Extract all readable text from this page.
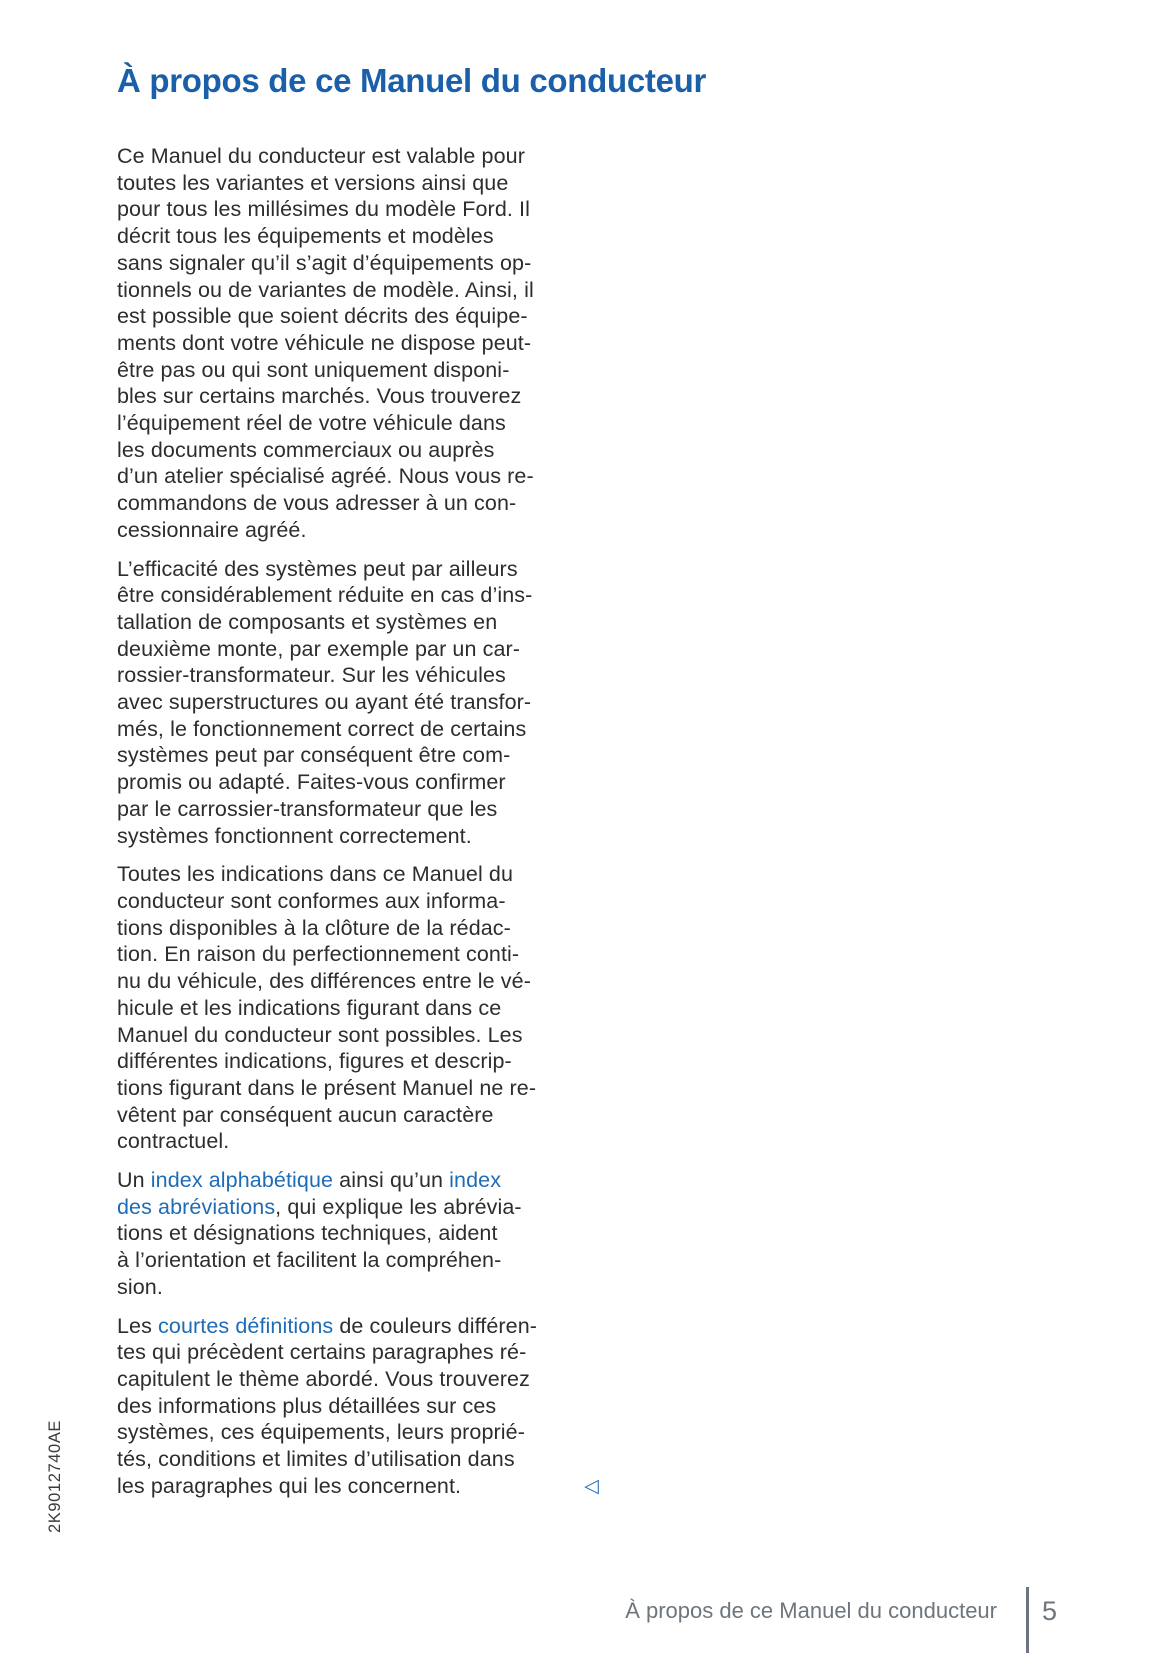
À propos de ce Manuel du conducteur
Ce Manuel du conducteur est valable pour
toutes les variantes et versions ainsi que
pour tous les millésimes du modèle Ford. Il
décrit tous les équipements et modèles
sans signaler qu’il s’agit d’équipements op-
tionnels ou de variantes de modèle. Ainsi, il
est possible que soient décrits des équipe-
ments dont votre véhicule ne dispose peut-
être pas ou qui sont uniquement disponi-
bles sur certains marchés. Vous trouverez
l’équipement réel de votre véhicule dans
les documents commerciaux ou auprès
d’un atelier spécialisé agréé. Nous vous re-
commandons de vous adresser à un con-
cessionnaire agréé.
L’efficacité des systèmes peut par ailleurs
être considérablement réduite en cas d’ins-
tallation de composants et systèmes en
deuxième monte, par exemple par un car-
rossier-transformateur. Sur les véhicules
avec superstructures ou ayant été transfor-
més, le fonctionnement correct de certains
systèmes peut par conséquent être com-
promis ou adapté. Faites-vous confirmer
par le carrossier-transformateur que les
systèmes fonctionnent correctement.
Toutes les indications dans ce Manuel du
conducteur sont conformes aux informa-
tions disponibles à la clôture de la rédac-
tion. En raison du perfectionnement conti-
nu du véhicule, des différences entre le vé-
hicule et les indications figurant dans ce
Manuel du conducteur sont possibles. Les
différentes indications, figures et descrip-
tions figurant dans le présent Manuel ne re-
vêtent par conséquent aucun caractère
contractuel.
Un index alphabétique ainsi qu’un index
des abréviations, qui explique les abrévia-
tions et désignations techniques, aident
à l’orientation et facilitent la compréhen-
sion.
Les courtes définitions de couleurs différen-
tes qui précèdent certains paragraphes ré-
capitulent le thème abordé. Vous trouverez
des informations plus détaillées sur ces
systèmes, ces équipements, leurs proprié-
tés, conditions et limites d’utilisation dans
les paragraphes qui les concernent.	◁
2K9012740AE
À propos de ce Manuel du conducteur 5
